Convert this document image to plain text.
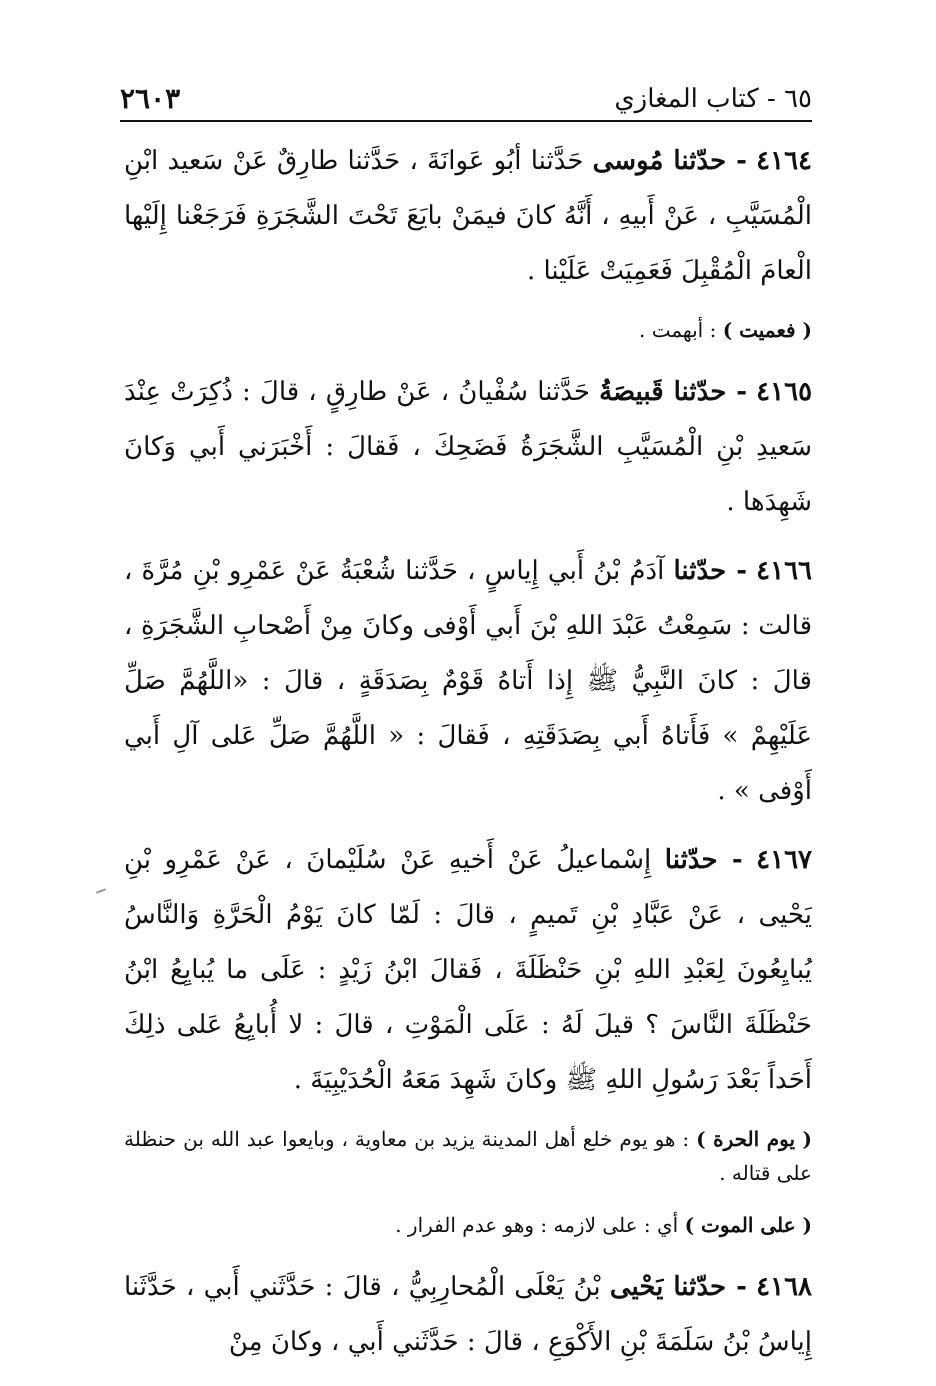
٦٥ - كتاب المغازي
٢٦٠٣

٤١٦٤ - حدّثنا مُوسى حَدَّثنا أبُو عَوانَةَ ، حَدَّثنا طارِقٌ عَنْ سَعيد ابْنِ الْمُسَيَّبِ ، عَنْ أَبيهِ ، أَنَّهُ كانَ فيمَنْ بايَعَ تَحْتَ الشَّجَرَةِ فَرَجَعْنا إِلَيْها الْعامَ الْمُقْبِلَ فَعَمِيَتْ عَلَيْنا .

( فعميت ) : أبهمت .

٤١٦٥ - حدّثنا قَبيصَةُ حَدَّثنا سُفْيانُ ، عَنْ طارِقٍ ، قالَ : ذُكِرَتْ عِنْدَ سَعيدِ بْنِ الْمُسَيَّبِ الشَّجَرَةُ فَضَحِكَ ، فَقالَ : أَخْبَرَني أَبي وَكانَ شَهِدَها .

٤١٦٦ - حدّثنا آدَمُ بْنُ أَبي إِياسٍ ، حَدَّثنا شُعْبَةُ عَنْ عَمْرِو بْنِ مُرَّةَ ، قالت : سَمِعْتُ عَبْدَ اللهِ بْنَ أَبي أَوْفى وكانَ مِنْ أَصْحابِ الشَّجَرَةِ ، قالَ : كانَ النَّبِيُّ ﷺ إِذا أَتاهُ قَوْمٌ بِصَدَقَةٍ ، قالَ : «اللَّهُمَّ صَلِّ عَلَيْهِمْ » فَأَتاهُ أَبي بِصَدَقَتِهِ ، فَقالَ : « اللَّهُمَّ صَلِّ عَلى آلِ أَبي أَوْفى » .

٤١٦٧ - حدّثنا إِسْماعيلُ عَنْ أَخيهِ عَنْ سُلَيْمانَ ، عَنْ عَمْرِو بْنِ يَحْيى ، عَنْ عَبَّادِ بْنِ تَميمٍ ، قالَ : لَمّا كانَ يَوْمُ الْحَرَّةِ وَالنَّاسُ يُبايِعُونَ لِعَبْدِ اللهِ بْنِ حَنْظَلَةَ ، فَقالَ ابْنُ زَيْدٍ : عَلَى ما يُبايِعُ ابْنُ حَنْظَلَةَ النَّاسَ ؟ قيلَ لَهُ : عَلَى الْمَوْتِ ، قالَ : لا أُبايِعُ عَلى ذلِكَ أَحَداً بَعْدَ رَسُولِ اللهِ ﷺ وكانَ شَهِدَ مَعَهُ الْحُدَيْبِيَةَ .

( يوم الحرة ) : هو يوم خلع أهل المدينة يزيد بن معاوية ، وبايعوا عبد الله بن حنظلة على قتاله .

( على الموت ) أي : على لازمه : وهو عدم الفرار .

٤١٦٨ - حدّثنا يَحْيى بْنُ يَعْلَى الْمُحارِبِيُّ ، قالَ : حَدَّثَني أَبي ، حَدَّثَنا إِياسُ بْنُ سَلَمَةَ بْنِ الأَكْوَعِ ، قالَ : حَدَّثَني أَبي ، وكانَ مِنْ
